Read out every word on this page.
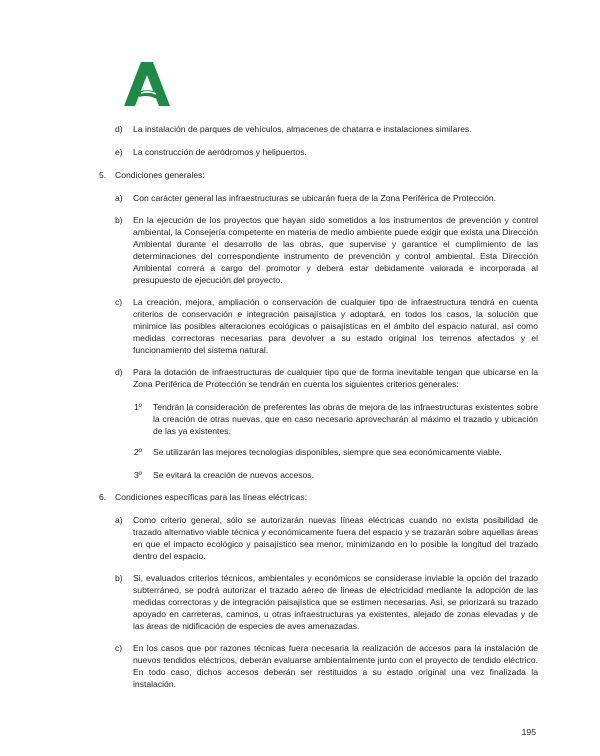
d) La instalación de parques de vehículos, almacenes de chatarra e instalaciones similares.

e) La construcción de aeródromos y helipuertos.

5. Condiciones generales:

a) Con carácter general las infraestructuras se ubicarán fuera de la Zona Periférica de Protección.

b) En la ejecución de los proyectos que hayan sido sometidos a los instrumentos de prevención y control ambiental, la Consejería competente en materia de medio ambiente puede exigir que exista una Dirección Ambiental durante el desarrollo de las obras, que supervise y garantice el cumplimiento de las determinaciones del correspondiente instrumento de prevención y control ambiental. Esta Dirección Ambiental correrá a cargo del promotor y deberá estar debidamente valorada e incorporada al presupuesto de ejecución del proyecto.

c) La creación, mejora, ampliación o conservación de cualquier tipo de infraestructura tendrá en cuenta criterios de conservación e integración paisajística y adoptará, en todos los casos, la solución que minimice las posibles alteraciones ecológicas o paisajísticas en el ámbito del espacio natural, así como medidas correctoras necesarias para devolver a su estado original los terrenos afectados y el funcionamiento del sistema natural.

d) Para la dotación de infraestructuras de cualquier tipo que de forma inevitable tengan que ubicarse en la Zona Periférica de Protección se tendrán en cuenta los siguientes criterios generales:

1º Tendrán la consideración de preferentes las obras de mejora de las infraestructuras existentes sobre la creación de otras nuevas, que en caso necesario aprovecharán al máximo el trazado y ubicación de las ya existentes.

2º Se utilizarán las mejores tecnologías disponibles, siempre que sea económicamente viable.

3º Se evitará la creación de nuevos accesos.

6. Condiciones específicas para las líneas eléctricas:

a) Como criterio general, sólo se autorizarán nuevas líneas eléctricas cuando no exista posibilidad de trazado alternativo viable técnica y económicamente fuera del espacio y se trazarán sobre aquellas áreas en que el impacto ecológico y paisajístico sea menor, minimizando en lo posible la longitud del trazado dentro del espacio.

b) Si, evaluados criterios técnicos, ambientales y económicos se considerase inviable la opción del trazado subterráneo, se podrá autorizar el trazado aéreo de líneas de electricidad mediante la adopción de las medidas correctoras y de integración paisajística que se estimen necesarias. Así, se priorizará su trazado apoyado en carreteras, caminos, u otras infraestructuras ya existentes, alejado de zonas elevadas y de las áreas de nidificación de especies de aves amenazadas.

c) En los casos que por razones técnicas fuera necesaria la realización de accesos para la instalación de nuevos tendidos eléctricos, deberán evaluarse ambientalmente junto con el proyecto de tendido eléctrico. En todo caso, dichos accesos deberán ser restituidos a su estado original una vez finalizada la instalación.

195
